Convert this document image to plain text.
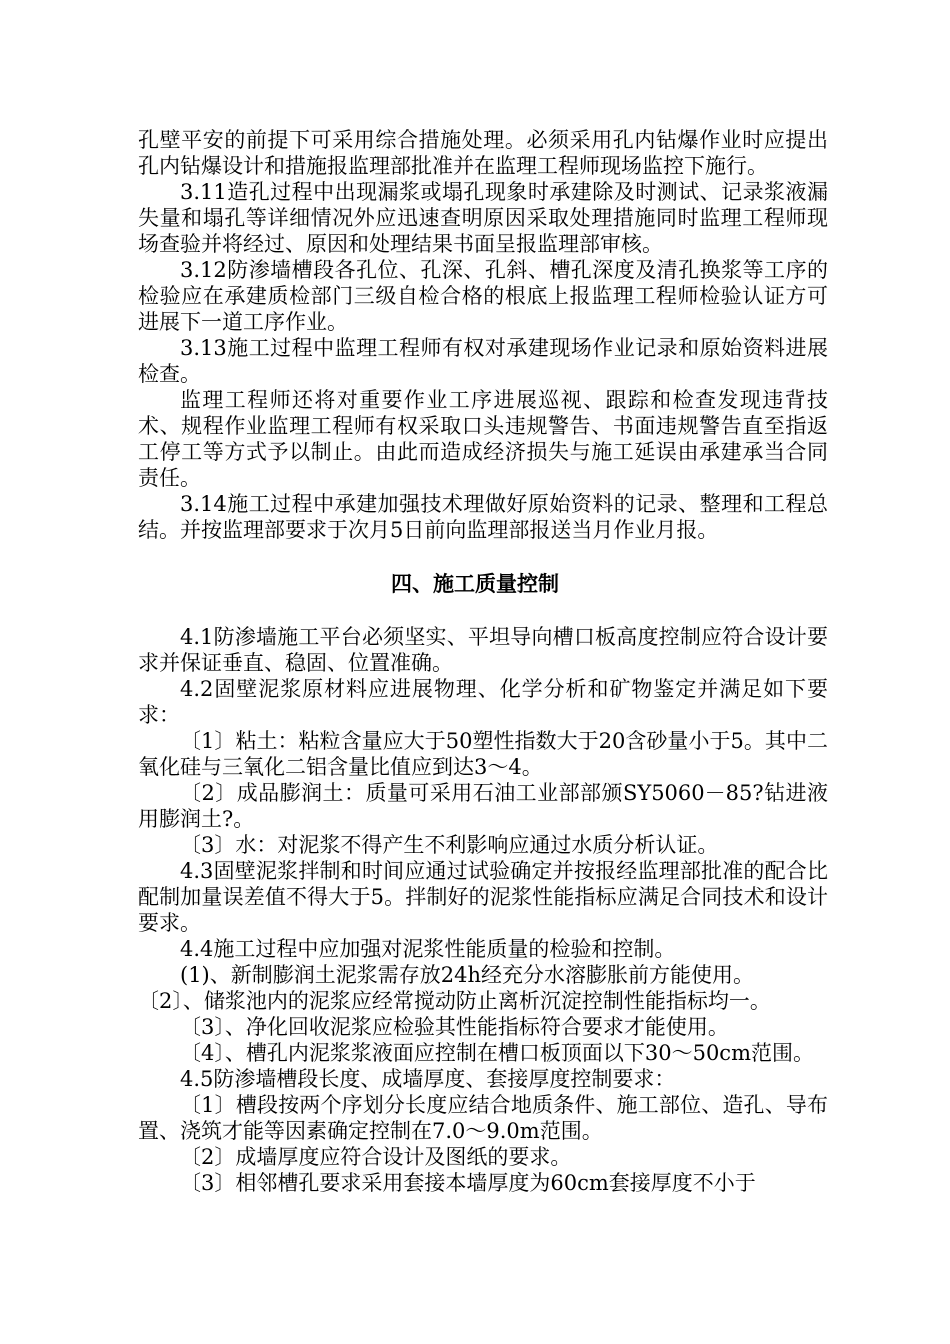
孔壁平安的前提下可采用综合措施处理。必须采用孔内钻爆作业时应提出孔内钻爆设计和措施报监理部批准并在监理工程师现场监控下施行。

3.11造孔过程中出现漏浆或塌孔现象时承建除及时测试、记录浆液漏失量和塌孔等详细情况外应迅速查明原因采取处理措施同时监理工程师现场查验并将经过、原因和处理结果书面呈报监理部审核。

3.12防渗墙槽段各孔位、孔深、孔斜、槽孔深度及清孔换浆等工序的检验应在承建质检部门三级自检合格的根底上报监理工程师检验认证方可进展下一道工序作业。

3.13施工过程中监理工程师有权对承建现场作业记录和原始资料进展检查。

监理工程师还将对重要作业工序进展巡视、跟踪和检查发现违背技术、规程作业监理工程师有权采取口头违规警告、书面违规警告直至指返工停工等方式予以制止。由此而造成经济损失与施工延误由承建承当合同责任。

3.14施工过程中承建加强技术理做好原始资料的记录、整理和工程总结。并按监理部要求于次月5日前向监理部报送当月作业月报。

四、施工质量控制

4.1防渗墙施工平台必须坚实、平坦导向槽口板高度控制应符合设计要求并保证垂直、稳固、位置准确。

4.2固壁泥浆原材料应进展物理、化学分析和矿物鉴定并满足如下要求：

〔1〕粘土：粘粒含量应大于50塑性指数大于20含砂量小于5。其中二氧化硅与三氧化二铝含量比值应到达3～4。

〔2〕成品膨润土：质量可采用石油工业部部颁SY5060－85?钻进液用膨润土?。

〔3〕水：对泥浆不得产生不利影响应通过水质分析认证。

4.3固壁泥浆拌制和时间应通过试验确定并按报经监理部批准的配合比配制加量误差值不得大于5。拌制好的泥浆性能指标应满足合同技术和设计要求。

4.4施工过程中应加强对泥浆性能质量的检验和控制。

(1)、新制膨润土泥浆需存放24h经充分水溶膨胀前方能使用。

〔2〕、储浆池内的泥浆应经常搅动防止离析沉淀控制性能指标均一。

〔3〕、净化回收泥浆应检验其性能指标符合要求才能使用。

〔4〕、槽孔内泥浆浆液面应控制在槽口板顶面以下30～50cm范围。

4.5防渗墙槽段长度、成墙厚度、套接厚度控制要求：

〔1〕槽段按两个序划分长度应结合地质条件、施工部位、造孔、导布置、浇筑才能等因素确定控制在7.0～9.0m范围。

〔2〕成墙厚度应符合设计及图纸的要求。

〔3〕相邻槽孔要求采用套接本墙厚度为60cm套接厚度不小于
